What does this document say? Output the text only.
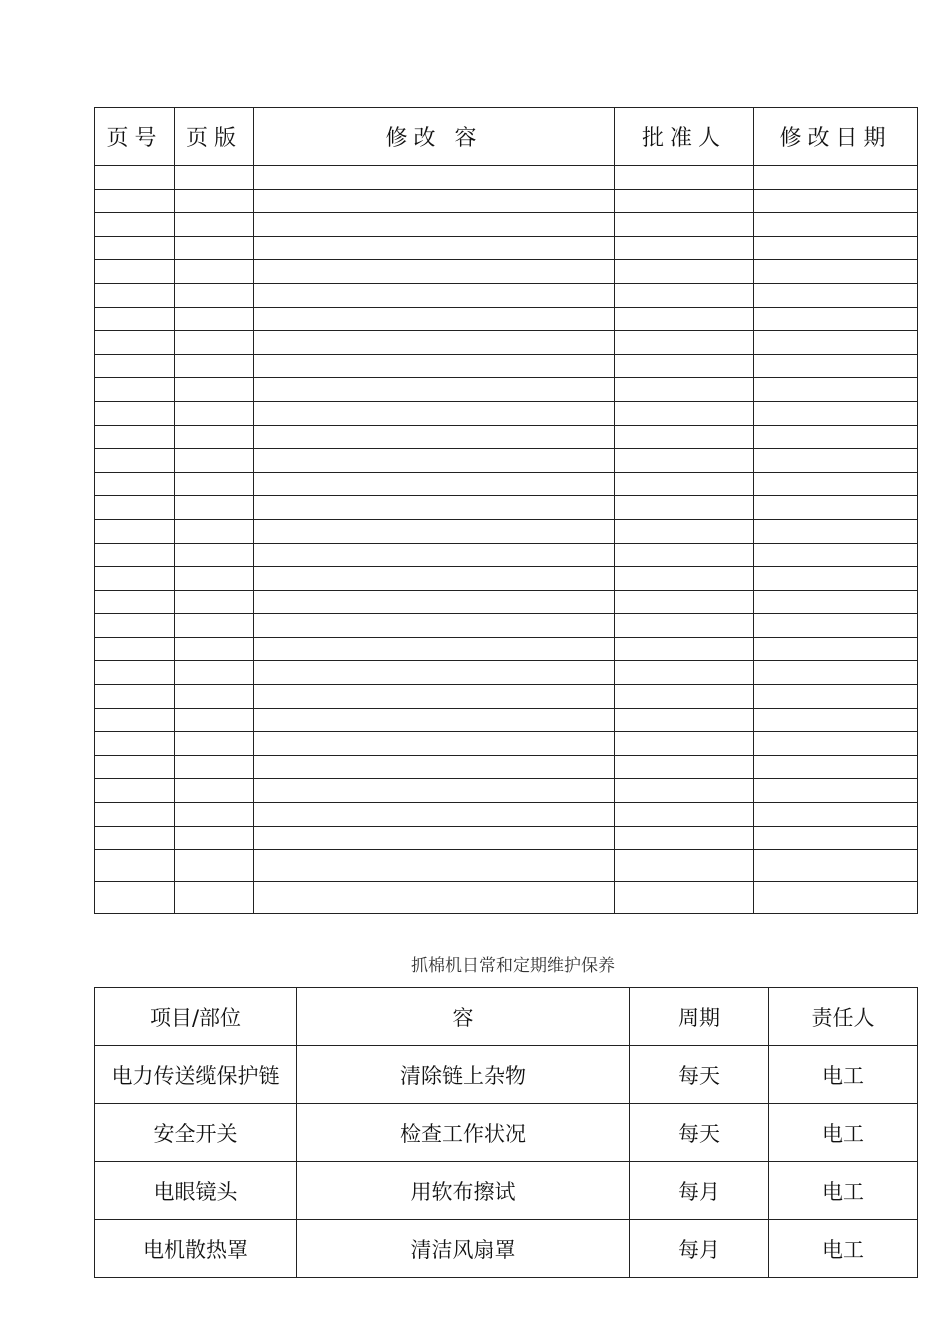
页号	页版	修改 容	批准人	修改日期

抓棉机日常和定期维护保养
项目/部位	容	周期	责任人
电力传送缆保护链	清除链上杂物	每天	电工
安全开关	检查工作状况	每天	电工
电眼镜头	用软布擦试	每月	电工
电机散热罩	清洁风扇罩	每月	电工
